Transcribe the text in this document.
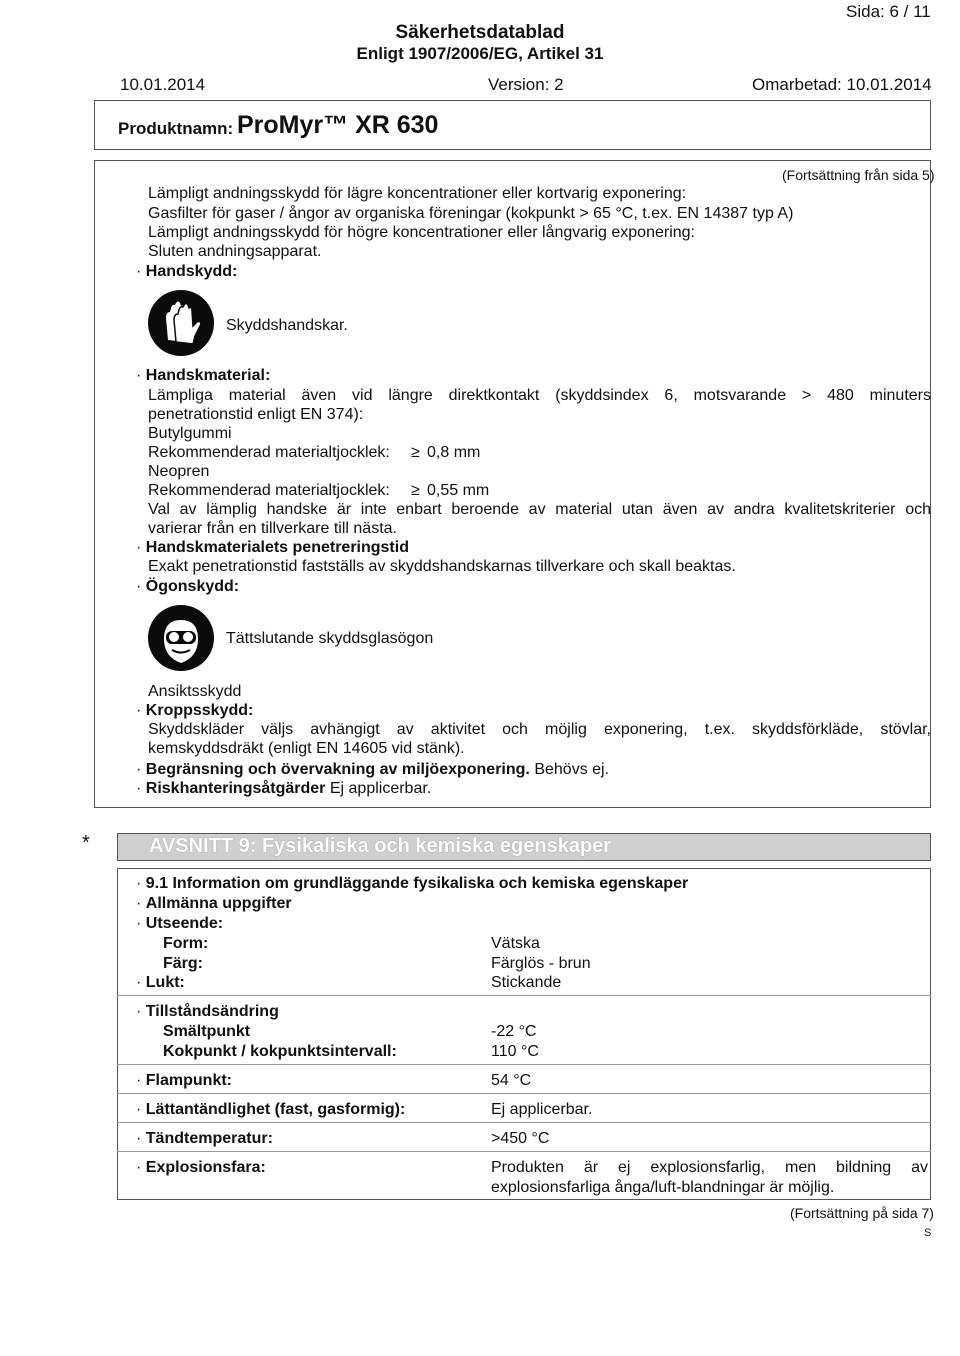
Sida: 6 / 11
Säkerhetsdatablad
Enligt 1907/2006/EG, Artikel 31
10.01.2014	Version: 2	Omarbetad: 10.01.2014
Produktnamn: ProMyr™ XR 630
(Fortsättning från sida 5)
Lämpligt andningsskydd för lägre koncentrationer eller kortvarig exponering:
Gasfilter för gaser / ångor av organiska föreningar (kokpunkt > 65 °C, t.ex. EN 14387 typ A)
Lämpligt andningsskydd för högre koncentrationer eller långvarig exponering:
Sluten andningsapparat.
· Handskydd:
Skyddshandskar.
· Handskmaterial:
Lämpliga material även vid längre direktkontakt (skyddsindex 6, motsvarande > 480 minuters
penetrationstid enligt EN 374):
Butylgummi
Rekommenderad materialtjocklek: ≥ 0,8 mm
Neopren
Rekommenderad materialtjocklek: ≥ 0,55 mm
Val av lämplig handske är inte enbart beroende av material utan även av andra kvalitetskriterier och
varierar från en tillverkare till nästa.
· Handskmaterialets penetreringstid
Exakt penetrationstid fastställs av skyddshandskarnas tillverkare och skall beaktas.
· Ögonskydd:
Tättslutande skyddsglasögon
Ansiktsskydd
· Kroppsskydd:
Skyddskläder väljs avhängigt av aktivitet och möjlig exponering, t.ex. skyddsförkläde, stövlar,
kemskyddsdräkt (enligt EN 14605 vid stänk).
· Begränsning och övervakning av miljöexponering. Behövs ej.
· Riskhanteringsåtgärder Ej applicerbar.
*	AVSNITT 9: Fysikaliska och kemiska egenskaper
· 9.1 Information om grundläggande fysikaliska och kemiska egenskaper
· Allmänna uppgifter
· Utseende:
Form:	Vätska
Färg:	Färglös - brun
· Lukt:	Stickande
· Tillståndsändring
Smältpunkt	-22 °C
Kokpunkt / kokpunktsintervall:	110 °C
· Flampunkt:	54 °C
· Lättantändlighet (fast, gasformig):	Ej applicerbar.
· Tändtemperatur:	>450 °C
· Explosionsfara:	Produkten är ej explosionsfarlig, men bildning av
explosionsfarliga ånga/luft-blandningar är möjlig.
(Fortsättning på sida 7)
S
